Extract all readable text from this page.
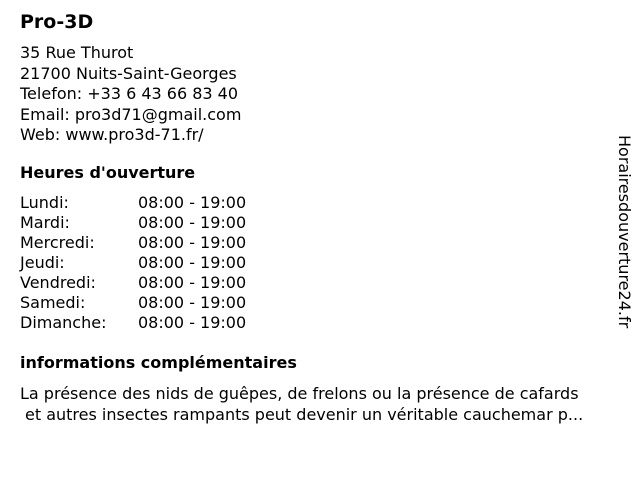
Pro-3D
35 Rue Thurot
21700 Nuits-Saint-Georges
Telefon: +33 6 43 66 83 40
Email: pro3d71@gmail.com
Web: www.pro3d-71.fr/
Heures d'ouverture
Lundi:	08:00 - 19:00
Mardi:	08:00 - 19:00
Mercredi:	08:00 - 19:00
Jeudi:	08:00 - 19:00
Vendredi:	08:00 - 19:00
Samedi:	08:00 - 19:00
Dimanche:	08:00 - 19:00
informations complémentaires
La présence des nids de guêpes, de frelons ou la présence de cafards
et autres insectes rampants peut devenir un véritable cauchemar p...
Horairesdouverture24.fr
